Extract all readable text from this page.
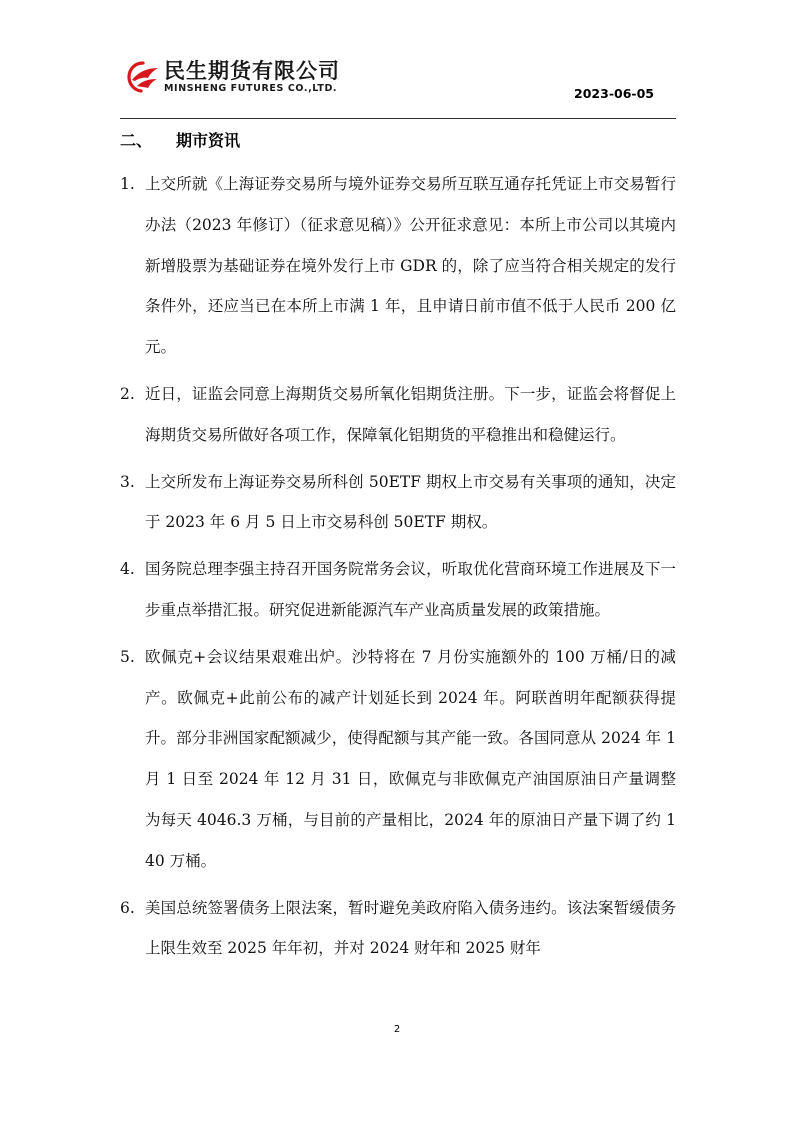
民生期货有限公司
MINSHENG FUTURES CO.,LTD.	2023-06-05
二、 期市资讯
1. 上交所就《上海证券交易所与境外证券交易所互联互通存托凭证上市交易暂行办法（2023 年修订）（征求意见稿）》公开征求意见：本所上市公司以其境内新增股票为基础证券在境外发行上市 GDR 的，除了应当符合相关规定的发行条件外，还应当已在本所上市满 1 年，且申请日前市值不低于人民币 200 亿元。

2. 近日，证监会同意上海期货交易所氧化铝期货注册。下一步，证监会将督促上海期货交易所做好各项工作，保障氧化铝期货的平稳推出和稳健运行。

3. 上交所发布上海证券交易所科创 50ETF 期权上市交易有关事项的通知，决定于 2023 年 6 月 5 日上市交易科创 50ETF 期权。

4. 国务院总理李强主持召开国务院常务会议，听取优化营商环境工作进展及下一步重点举措汇报。研究促进新能源汽车产业高质量发展的政策措施。

5. 欧佩克+会议结果艰难出炉。沙特将在 7 月份实施额外的 100 万桶/日的减产。欧佩克+此前公布的减产计划延长到 2024 年。阿联酋明年配额获得提升。部分非洲国家配额减少，使得配额与其产能一致。各国同意从 2024 年 1 月 1 日至 2024 年 12 月 31 日，欧佩克与非欧佩克产油国原油日产量调整为每天 4046.3 万桶，与目前的产量相比，2024 年的原油日产量下调了约 140 万桶。

6. 美国总统签署债务上限法案，暂时避免美政府陷入债务违约。该法案暂缓债务上限生效至 2025 年年初，并对 2024 财年和 2025 财年

2
